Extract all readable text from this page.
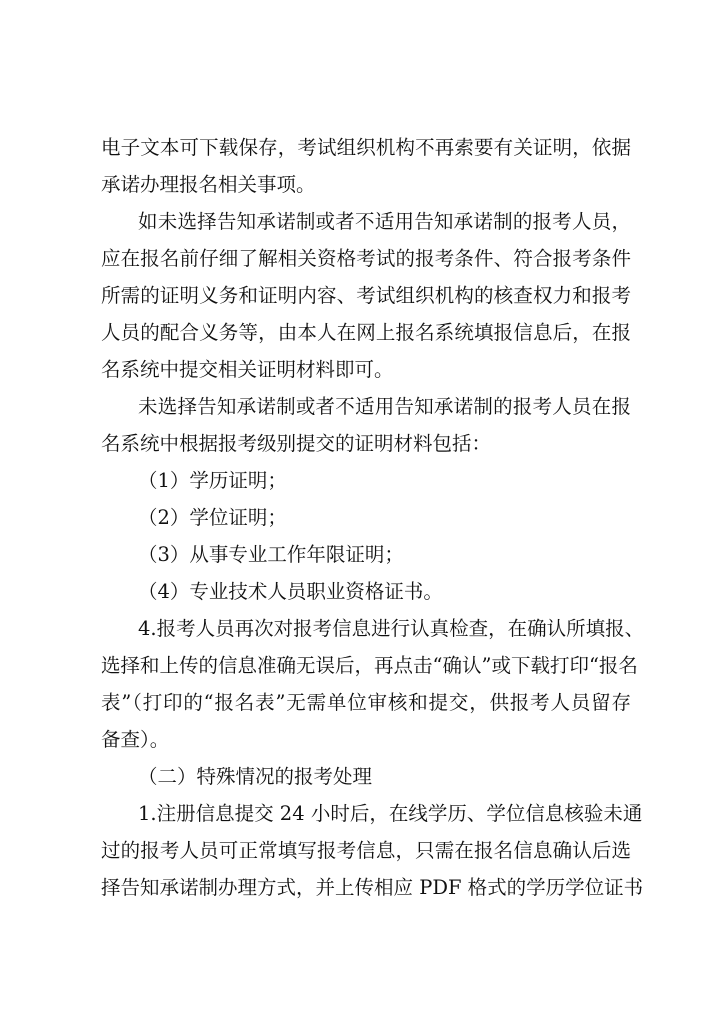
电子文本可下载保存，考试组织机构不再索要有关证明，依据
承诺办理报名相关事项。
如未选择告知承诺制或者不适用告知承诺制的报考人员，
应在报名前仔细了解相关资格考试的报考条件、符合报考条件
所需的证明义务和证明内容、考试组织机构的核查权力和报考
人员的配合义务等，由本人在网上报名系统填报信息后，在报
名系统中提交相关证明材料即可。
未选择告知承诺制或者不适用告知承诺制的报考人员在报
名系统中根据报考级别提交的证明材料包括：
（1）学历证明；
（2）学位证明；
（3）从事专业工作年限证明；
（4）专业技术人员职业资格证书。
4.报考人员再次对报考信息进行认真检查，在确认所填报、
选择和上传的信息准确无误后，再点击“确认”或下载打印“报名
表”（打印的“报名表”无需单位审核和提交，供报考人员留存
备查）。
（二）特殊情况的报考处理
1.注册信息提交 24 小时后，在线学历、学位信息核验未通
过的报考人员可正常填写报考信息，只需在报名信息确认后选
择告知承诺制办理方式，并上传相应 PDF 格式的学历学位证书
